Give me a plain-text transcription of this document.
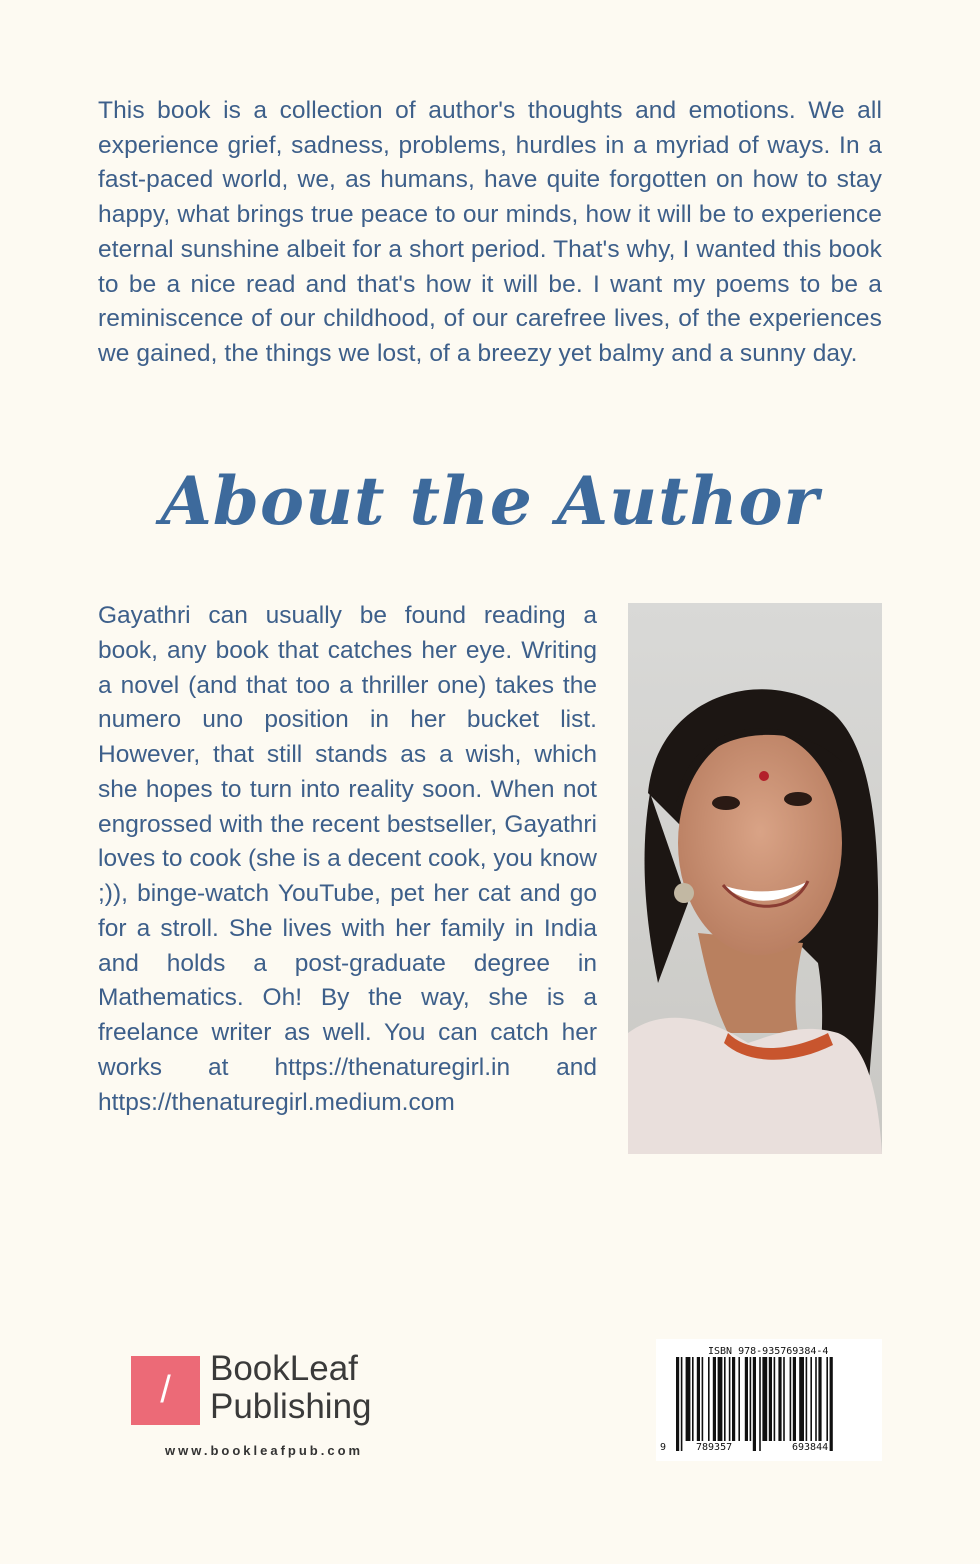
This book is a collection of author's thoughts and emotions. We all experience grief, sadness, problems, hurdles in a myriad of ways. In a fast-paced world, we, as humans, have quite forgotten on how to stay happy, what brings true peace to our minds, how it will be to experience eternal sunshine albeit for a short period. That's why, I wanted this book to be a nice read and that's how it will be. I want my poems to be a reminiscence of our childhood, of our carefree lives, of the experiences we gained, the things we lost, of a breezy yet balmy and a sunny day.

About the Author

Gayathri can usually be found reading a book, any book that catches her eye. Writing a novel (and that too a thriller one) takes the numero uno position in her bucket list. However, that still stands as a wish, which she hopes to turn into reality soon. When not engrossed with the recent bestseller, Gayathri loves to cook (she is a decent cook, you know ;)), binge-watch YouTube, pet her cat and go for a stroll. She lives with her family in India and holds a post-graduate degree in Mathematics. Oh! By the way, she is a freelance writer as well. You can catch her works at https://thenaturegirl.in and https://thenaturegirl.medium.com

/
BookLeaf
Publishing
www.bookleafpub.com
ISBN 978-935769384-4
9	789357	693844
